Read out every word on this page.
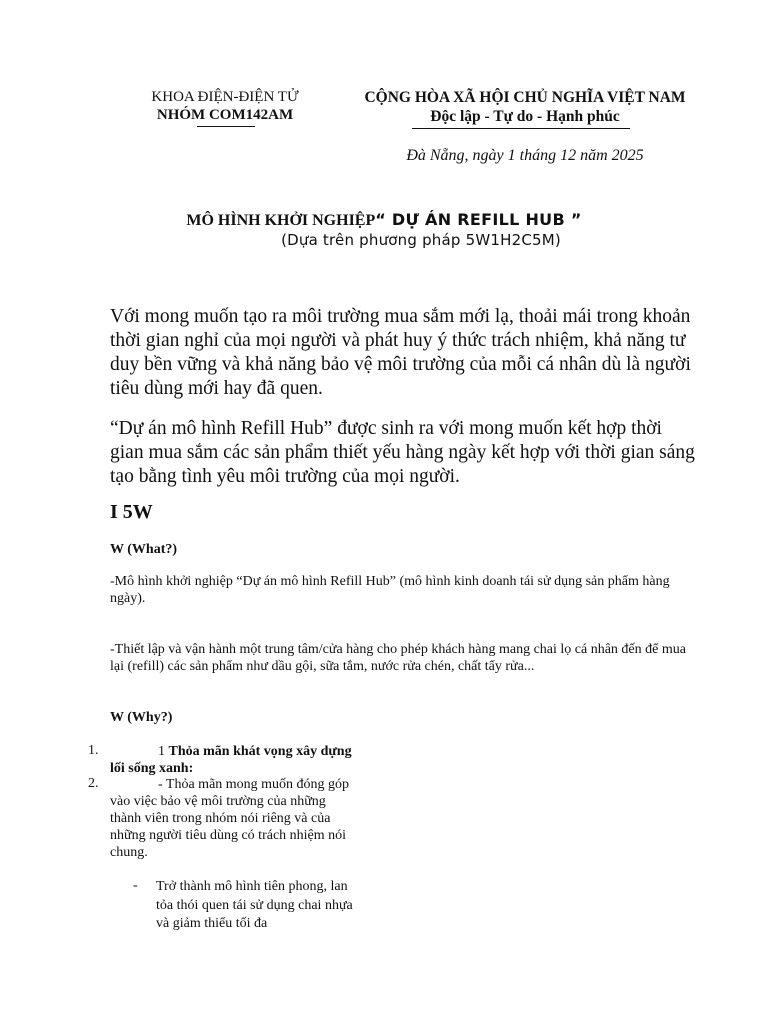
KHOA ĐIỆN-ĐIỆN TỬ
NHÓM COM142AM
CỘNG HÒA XÃ HỘI CHỦ NGHĨA VIỆT NAM
Độc lập - Tự do - Hạnh phúc
Đà Nẵng, ngày 1 tháng 12 năm 2025
MÔ HÌNH KHỞI NGHIỆP“ DỰ ÁN REFILL HUB ”
(Dựa trên phương pháp 5W1H2C5M)
Với mong muốn tạo ra môi trường mua sắm mới lạ, thoải mái trong khoản thời gian nghỉ của mọi người và phát huy ý thức trách nhiệm, khả năng tư duy bền vững và khả năng bảo vệ môi trường của mỗi cá nhân dù là người tiêu dùng mới hay đã quen.
“Dự án mô hình Refill Hub” được sinh ra với mong muốn kết hợp thời gian mua sắm các sản phẩm thiết yếu hàng ngày kết hợp với thời gian sáng tạo bằng tình yêu môi trường của mọi người.
I 5W
W (What?)
-Mô hình khởi nghiệp “Dự án mô hình Refill Hub” (mô hình kinh doanh tái sử dụng sản phẩm hàng ngày).
-Thiết lập và vận hành một trung tâm/cửa hàng cho phép khách hàng mang chai lọ cá nhân đến để mua lại (refill) các sản phẩm như dầu gội, sữa tắm, nước rửa chén, chất tẩy rửa...
W (Why?)
1.	1 Thỏa mãn khát vọng xây dựng lối sống xanh:
2.	- Thỏa mãn mong muốn đóng góp vào việc bảo vệ môi trường của những thành viên trong nhóm nói riêng và của những người tiêu dùng có trách nhiệm nói chung.
- Trở thành mô hình tiên phong, lan tỏa thói quen tái sử dụng chai nhựa và giảm thiểu tối đa
